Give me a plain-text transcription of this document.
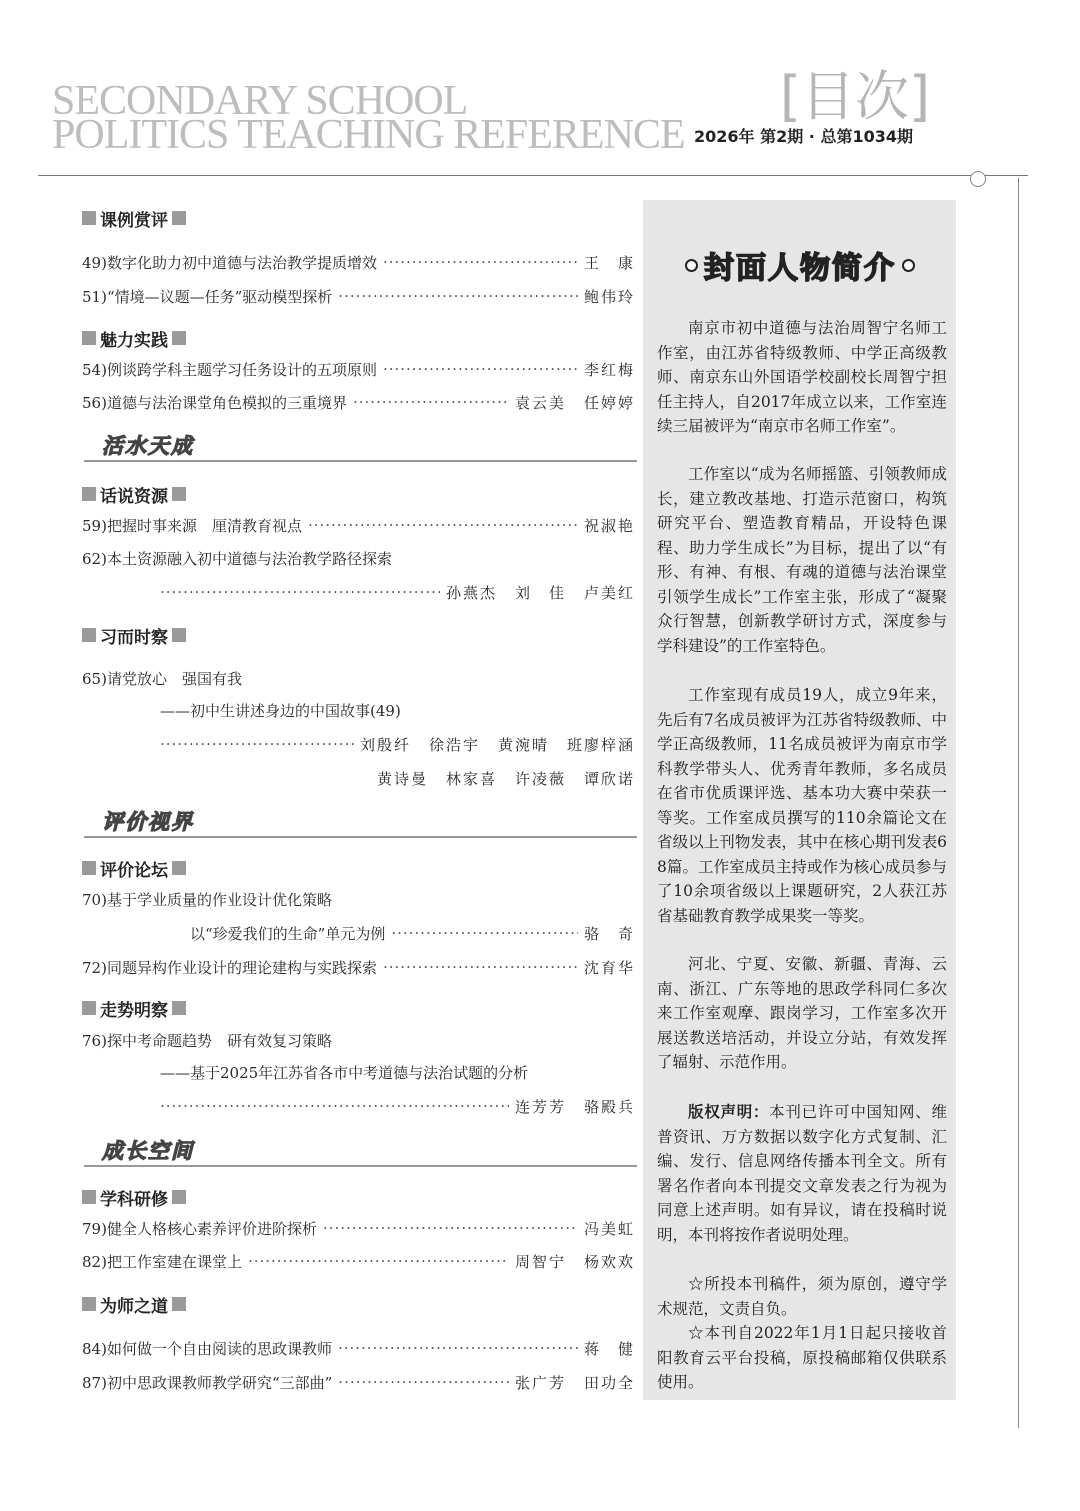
SECONDARY SCHOOL
POLITICS TEACHING REFERENCE
[目次]
2026年 第2期 · 总第1034期
课例赏评
49)数字化助力初中道德与法治教学提质增效 ·····	王　康
51)“情境—议题—任务”驱动模型探析 ·····	鲍伟玲
魅力实践
54)例谈跨学科主题学习任务设计的五项原则 ·····	李红梅
56)道德与法治课堂角色模拟的三重境界 ·····	袁云美 任婷婷
活水天成
话说资源
59)把握时事来源　厘清教育视点 ·····	祝淑艳
62)本土资源融入初中道德与法治教学路径探索
·····
孙燕杰 刘　佳 卢美红
习而时察
65)请党放心　强国有我
——初中生讲述身边的中国故事(49)
·····
刘殷纤 徐浩宇 黄涴晴 班廖梓涵
黄诗曼 林家喜 许凌薇 谭欣诺
评价视界
评价论坛
70)基于学业质量的作业设计优化策略
以“珍爱我们的生命”单元为例 ·····	骆　奇
72)同题异构作业设计的理论建构与实践探索 ·····	沈育华
走势明察
76)探中考命题趋势　研有效复习策略
——基于2025年江苏省各市中考道德与法治试题的分析
·····
连芳芳 骆殿兵
成长空间
学科研修
79)健全人格核心素养评价进阶探析 ·····	冯美虹
82)把工作室建在课堂上 ·····	周智宁 杨欢欢
为师之道
84)如何做一个自由阅读的思政课教师 ·····	蒋　健
87)初中思政课教师教学研究“三部曲” ·····	张广芳 田功全
封面人物简介
南京市初中道德与法治周智宁名师工作室，由江苏省特级教师、中学正高级教师、南京东山外国语学校副校长周智宁担任主持人，自2017年成立以来，工作室连续三届被评为“南京市名师工作室”。
工作室以“成为名师摇篮、引领教师成长，建立教改基地、打造示范窗口，构筑研究平台、塑造教育精品，开设特色课程、助力学生成长”为目标，提出了以“有形、有神、有根、有魂的道德与法治课堂引领学生成长”工作室主张，形成了“凝聚众行智慧，创新教学研讨方式，深度参与学科建设”的工作室特色。
工作室现有成员19人，成立9年来，先后有7名成员被评为江苏省特级教师、中学正高级教师，11名成员被评为南京市学科教学带头人、优秀青年教师，多名成员在省市优质课评选、基本功大赛中荣获一等奖。工作室成员撰写的110余篇论文在省级以上刊物发表，其中在核心期刊发表68篇。工作室成员主持或作为核心成员参与了10余项省级以上课题研究，2人获江苏省基础教育教学成果奖一等奖。
河北、宁夏、安徽、新疆、青海、云南、浙江、广东等地的思政学科同仁多次来工作室观摩、跟岗学习，工作室多次开展送教送培活动，并设立分站，有效发挥了辐射、示范作用。
版权声明：本刊已许可中国知网、维普资讯、万方数据以数字化方式复制、汇编、发行、信息网络传播本刊全文。所有署名作者向本刊提交文章发表之行为视为同意上述声明。如有异议，请在投稿时说明，本刊将按作者说明处理。
☆所投本刊稿件，须为原创，遵守学术规范，文责自负。
☆本刊自2022年1月1日起只接收首阳教育云平台投稿，原投稿邮箱仅供联系使用。
